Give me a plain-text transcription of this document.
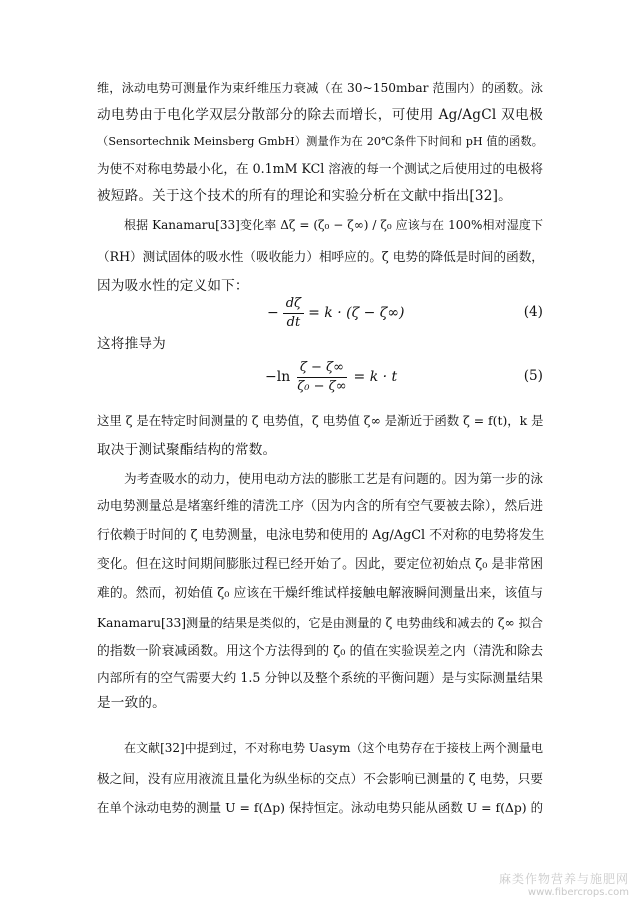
维，泳动电势可测量作为束纤维压力衰减（在 30~150mbar 范围内）的函数。泳
动电势由于电化学双层分散部分的除去而增长，可使用 Ag/AgCl 双电极
（Sensortechnik Meinsberg GmbH）测量作为在 20℃条件下时间和 pH 值的函数。
为使不对称电势最小化，在 0.1mM KCl 溶液的每一个测试之后使用过的电极将
被短路。关于这个技术的所有的理论和实验分析在文献中指出[32]。
根据 Kanamaru[33]变化率 Δζ = (ζ₀ − ζ∞) / ζ₀ 应该与在 100%相对湿度下
（RH）测试固体的吸水性（吸收能力）相呼应的。ζ 电势的降低是时间的函数，
因为吸水性的定义如下：
− $\frac{d\zeta}{dt} = k \cdot (\zeta - \zeta\infty)$	(4)
这将推导为
$-\ln \frac{\zeta - \zeta\infty}{\text{ζ₀ − ζ∞}} = k \cdot t$	(5)
这里 ζ 是在特定时间测量的 ζ 电势值，ζ 电势值 ζ∞ 是渐近于函数 ζ = f(t)，k 是
取决于测试聚酯结构的常数。
为考查吸水的动力，使用电动方法的膨胀工艺是有问题的。因为第一步的泳
动电势测量总是堵塞纤维的清洗工序（因为内含的所有空气要被去除），然后进
行依赖于时间的 ζ 电势测量，电泳电势和使用的 Ag/AgCl 不对称的电势将发生
变化。但在这时间期间膨胀过程已经开始了。因此，要定位初始点 ζ₀ 是非常困
难的。然而，初始值 ζ₀ 应该在干燥纤维试样接触电解液瞬间测量出来，该值与
Kanamaru[33]测量的结果是类似的，它是由测量的 ζ 电势曲线和减去的 ζ∞ 拟合
的指数一阶衰减函数。用这个方法得到的 ζ₀ 的值在实验误差之内（清洗和除去
内部所有的空气需要大约 1.5 分钟以及整个系统的平衡问题）是与实际测量结果
是一致的。
在文献[32]中提到过，不对称电势 Uasym（这个电势存在于接枝上两个测量电
极之间，没有应用液流且量化为纵坐标的交点）不会影响已测量的 ζ 电势，只要
在单个泳动电势的测量 U = f(Δp) 保持恒定。泳动电势只能从函数 U = f(Δp) 的
麻类作物营养与施肥网
www.fibercrops.com
